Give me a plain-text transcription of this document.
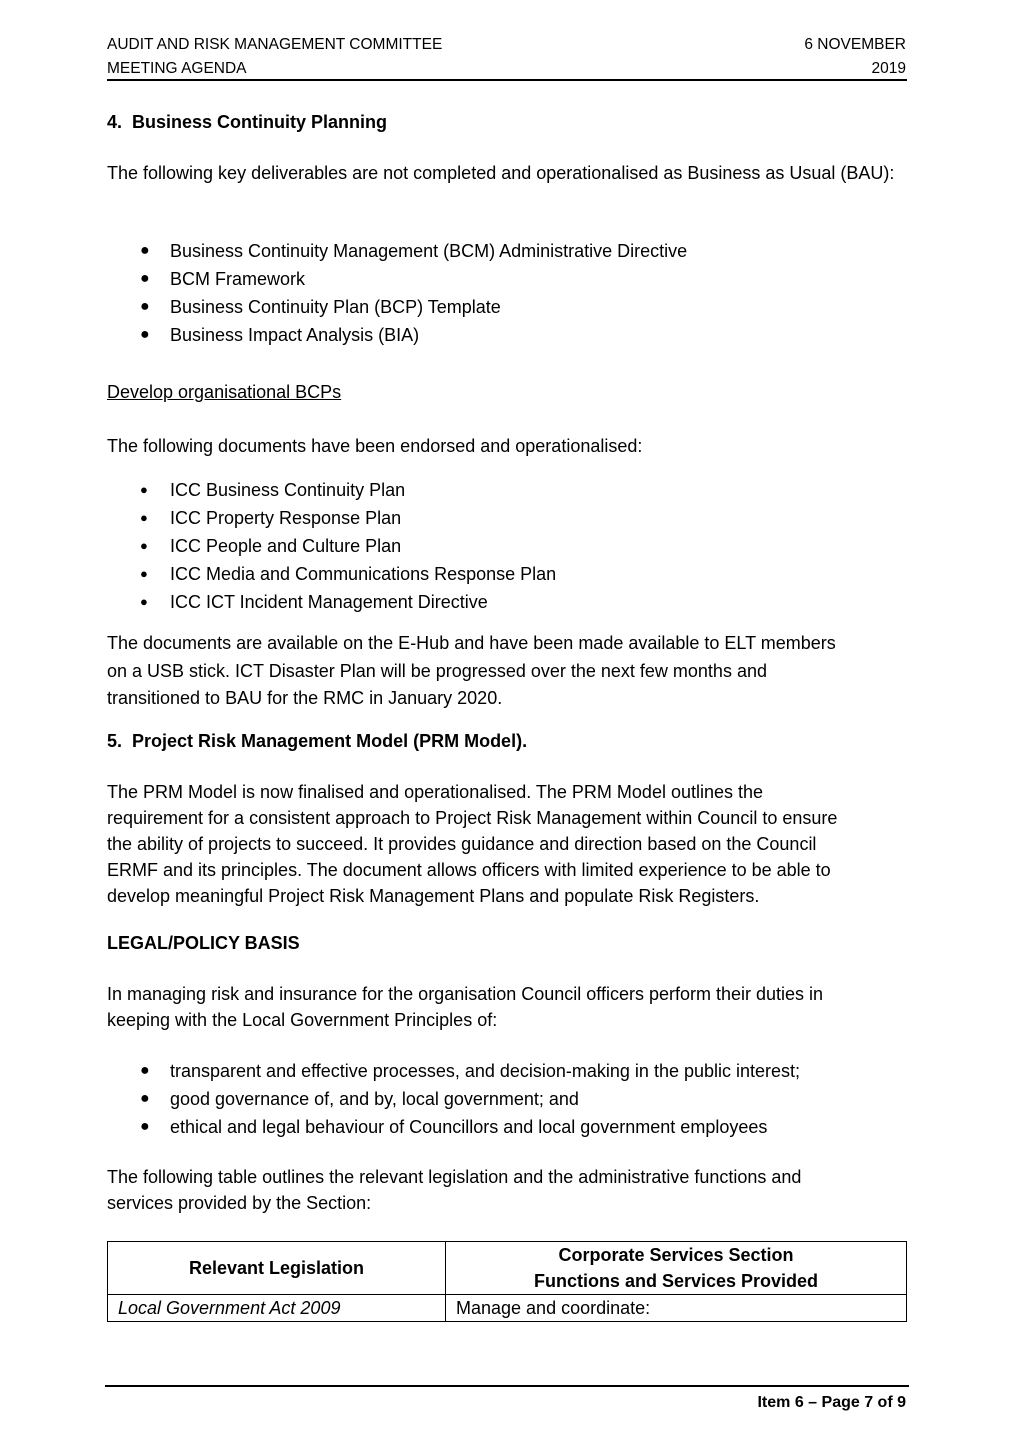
AUDIT AND RISK MANAGEMENT COMMITTEE
MEETING AGENDA
6 NOVEMBER
2019
4.  Business Continuity Planning
The following key deliverables are not completed and operationalised as Business as Usual (BAU):
● Business Continuity Management (BCM) Administrative Directive
● BCM Framework
● Business Continuity Plan (BCP) Template
● Business Impact Analysis (BIA)
Develop organisational BCPs
The following documents have been endorsed and operationalised:
● ICC Business Continuity Plan
● ICC Property Response Plan
● ICC People and Culture Plan
● ICC Media and Communications Response Plan
● ICC ICT Incident Management Directive
The documents are available on the E-Hub and have been made available to ELT members
on a USB stick. ICT Disaster Plan will be progressed over the next few months and
transitioned to BAU for the RMC in January 2020.
5.  Project Risk Management Model (PRM Model).
The PRM Model is now finalised and operationalised. The PRM Model outlines the
requirement for a consistent approach to Project Risk Management within Council to ensure
the ability of projects to succeed. It provides guidance and direction based on the Council
ERMF and its principles. The document allows officers with limited experience to be able to
develop meaningful Project Risk Management Plans and populate Risk Registers.
LEGAL/POLICY BASIS
In managing risk and insurance for the organisation Council officers perform their duties in
keeping with the Local Government Principles of:
● transparent and effective processes, and decision-making in the public interest;
● good governance of, and by, local government; and
● ethical and legal behaviour of Councillors and local government employees
The following table outlines the relevant legislation and the administrative functions and
services provided by the Section:
Relevant Legislation	Corporate Services Section
Functions and Services Provided

Local Government Act 2009	Manage and coordinate:
Item 6 – Page 7 of 9
